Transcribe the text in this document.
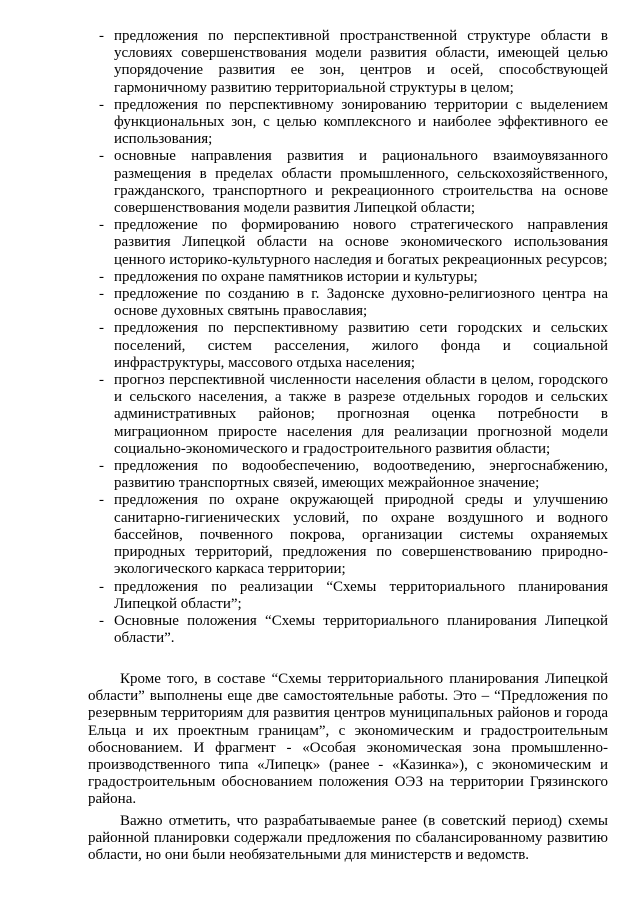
- предложения по перспективной пространственной структуре области в условиях совершенствования модели развития области, имеющей целью упорядочение развития ее зон, центров и осей, способствующей гармоничному развитию территориальной структуры в целом;
- предложения по перспективному зонированию территории с выделением функциональных зон, с целью комплексного и наиболее эффективного ее использования;
- основные направления развития и рационального взаимоувязанного размещения в пределах области промышленного, сельскохозяйственного, гражданского, транспортного и рекреационного строительства на основе совершенствования модели развития Липецкой области;
- предложение по формированию нового стратегического направления развития Липецкой области на основе экономического использования ценного историко-культурного наследия и богатых рекреационных ресурсов;
- предложения по охране памятников истории и культуры;
- предложение по созданию в г. Задонске духовно-религиозного центра на основе духовных святынь православия;
- предложения по перспективному развитию сети городских и сельских поселений, систем расселения, жилого фонда и социальной инфраструктуры, массового отдыха населения;
- прогноз перспективной численности населения области в целом, городского и сельского населения, а также в разрезе отдельных городов и сельских административных районов; прогнозная оценка потребности в миграционном приросте населения для реализации прогнозной модели социально-экономического и градостроительного развития области;
- предложения по водообеспечению, водоотведению, энергоснабжению, развитию транспортных связей, имеющих межрайонное значение;
- предложения по охране окружающей природной среды и улучшению санитарно-гигиенических условий, по охране воздушного и водного бассейнов, почвенного покрова, организации системы охраняемых природных территорий, предложения по совершенствованию природно-экологического каркаса территории;
- предложения по реализации “Схемы территориального планирования Липецкой области”;
- Основные положения “Схемы территориального планирования Липецкой области”.

Кроме того, в составе “Схемы территориального планирования Липецкой области” выполнены еще две самостоятельные работы. Это – “Предложения по резервным территориям для развития центров муниципальных районов и города Ельца и их проектным границам”, с экономическим и градостроительным обоснованием. И фрагмент - «Особая экономическая зона промышленно-производственного типа «Липецк» (ранее - «Казинка»), с экономическим и градостроительным обоснованием положения ОЭЗ на территории Грязинского района.

Важно отметить, что разрабатываемые ранее (в советский период) схемы районной планировки содержали предложения по сбалансированному развитию области, но они были необязательными для министерств и ведомств.
